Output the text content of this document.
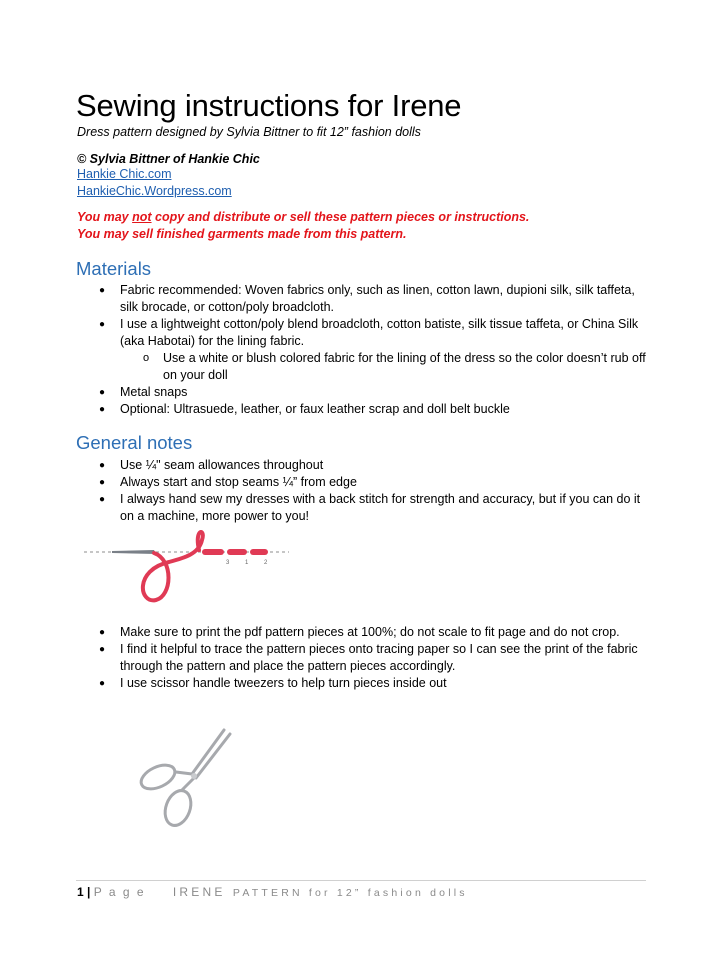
Sewing instructions for Irene
Dress pattern designed by Sylvia Bittner to fit 12” fashion dolls
© Sylvia Bittner of Hankie Chic
Hankie Chic.com
HankieChic.Wordpress.com
You may not copy and distribute or sell these pattern pieces or instructions.
You may sell finished garments made from this pattern.
Materials
● Fabric recommended: Woven fabrics only, such as linen, cotton lawn, dupioni silk, silk taffeta, silk brocade, or cotton/poly broadcloth.
● I use a lightweight cotton/poly blend broadcloth, cotton batiste, silk tissue taffeta, or China Silk (aka Habotai) for the lining fabric.
o Use a white or blush colored fabric for the lining of the dress so the color doesn’t rub off on your doll
● Metal snaps
● Optional: Ultrasuede, leather, or faux leather scrap and doll belt buckle
General notes
● Use ¼" seam allowances throughout
● Always start and stop seams ¼” from edge
● I always hand sew my dresses with a back stitch for strength and accuracy, but if you can do it on a machine, more power to you!
3	1	2
● Make sure to print the pdf pattern pieces at 100%; do not scale to fit page and do not crop.
● I find it helpful to trace the pattern pieces onto tracing paper so I can see the print of the fabric through the pattern and place the pattern pieces accordingly.
● I use scissor handle tweezers to help turn pieces inside out
1 | P a g e IRENE PATTERN for 12” fashion dolls
